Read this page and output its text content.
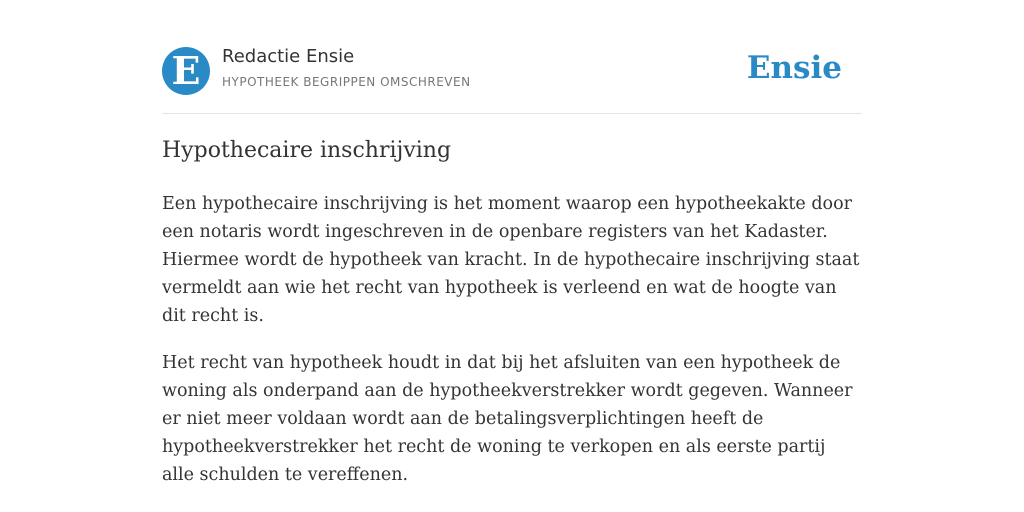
E	Redactie Ensie
HYPOTHEEK BEGRIPPEN OMSCHREVEN	Ensie
Hypothecaire inschrijving

Een hypothecaire inschrijving is het moment waarop een hypotheekakte door een notaris wordt ingeschreven in de openbare registers van het Kadaster. Hiermee wordt de hypotheek van kracht. In de hypothecaire inschrijving staat vermeldt aan wie het recht van hypotheek is verleend en wat de hoogte van dit recht is.

Het recht van hypotheek houdt in dat bij het afsluiten van een hypotheek de woning als onderpand aan de hypotheekverstrekker wordt gegeven. Wanneer er niet meer voldaan wordt aan de betalingsverplichtingen heeft de hypotheekverstrekker het recht de woning te verkopen en als eerste partij alle schulden te vereffenen.
